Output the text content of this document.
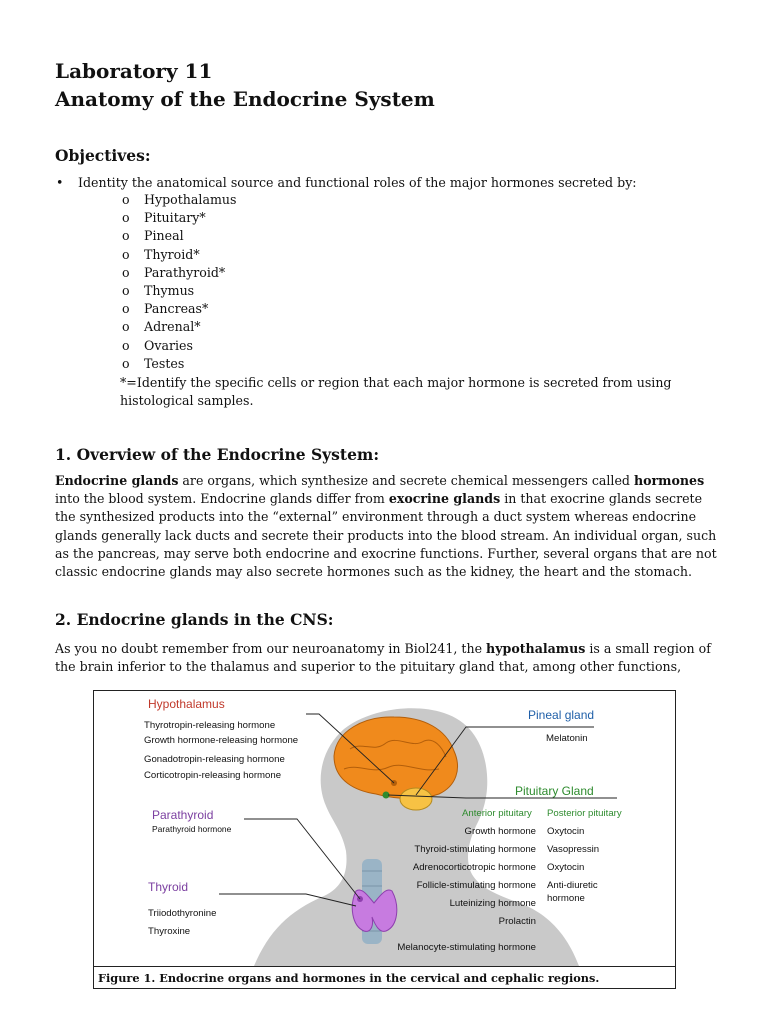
Laboratory 11
Anatomy of the Endocrine System
Objectives:
• Identity the anatomical source and functional roles of the major hormones secreted by:
o Hypothalamus
o Pituitary*
o Pineal
o Thyroid*
o Parathyroid*
o Thymus
o Pancreas*
o Adrenal*
o Ovaries
o Testes
*=Identify the specific cells or region that each major hormone is secreted from using
histological samples.
1. Overview of the Endocrine System:
Endocrine glands are organs, which synthesize and secrete chemical messengers called hormones
into the blood system. Endocrine glands differ from exocrine glands in that exocrine glands secrete
the synthesized products into the “external” environment through a duct system whereas endocrine
glands generally lack ducts and secrete their products into the blood stream. An individual organ, such
as the pancreas, may serve both endocrine and exocrine functions. Further, several organs that are not
classic endocrine glands may also secrete hormones such as the kidney, the heart and the stomach.
2. Endocrine glands in the CNS:
As you no doubt remember from our neuroanatomy in Biol241, the hypothalamus is a small region of
the brain inferior to the thalamus and superior to the pituitary gland that, among other functions,
Hypothalamus
Thyrotropin-releasing hormone
Growth hormone-releasing hormone
Gonadotropin-releasing hormone
Corticotropin-releasing hormone
Parathyroid
Parathyroid hormone
Thyroid
Triiodothyronine
Thyroxine
Pineal gland
Melatonin
Pituitary Gland
Anterior pituitary Posterior pituitary
Growth hormone
Thyroid-stimulating hormone
Adrenocorticotropic hormone
Follicle-stimulating hormone
Luteinizing hormone
Prolactin
Melanocyte-stimulating hormone
Oxytocin
Vasopressin
Oxytocin
Anti-diuretic
hormone
Figure 1. Endocrine organs and hormones in the cervical and cephalic regions.
